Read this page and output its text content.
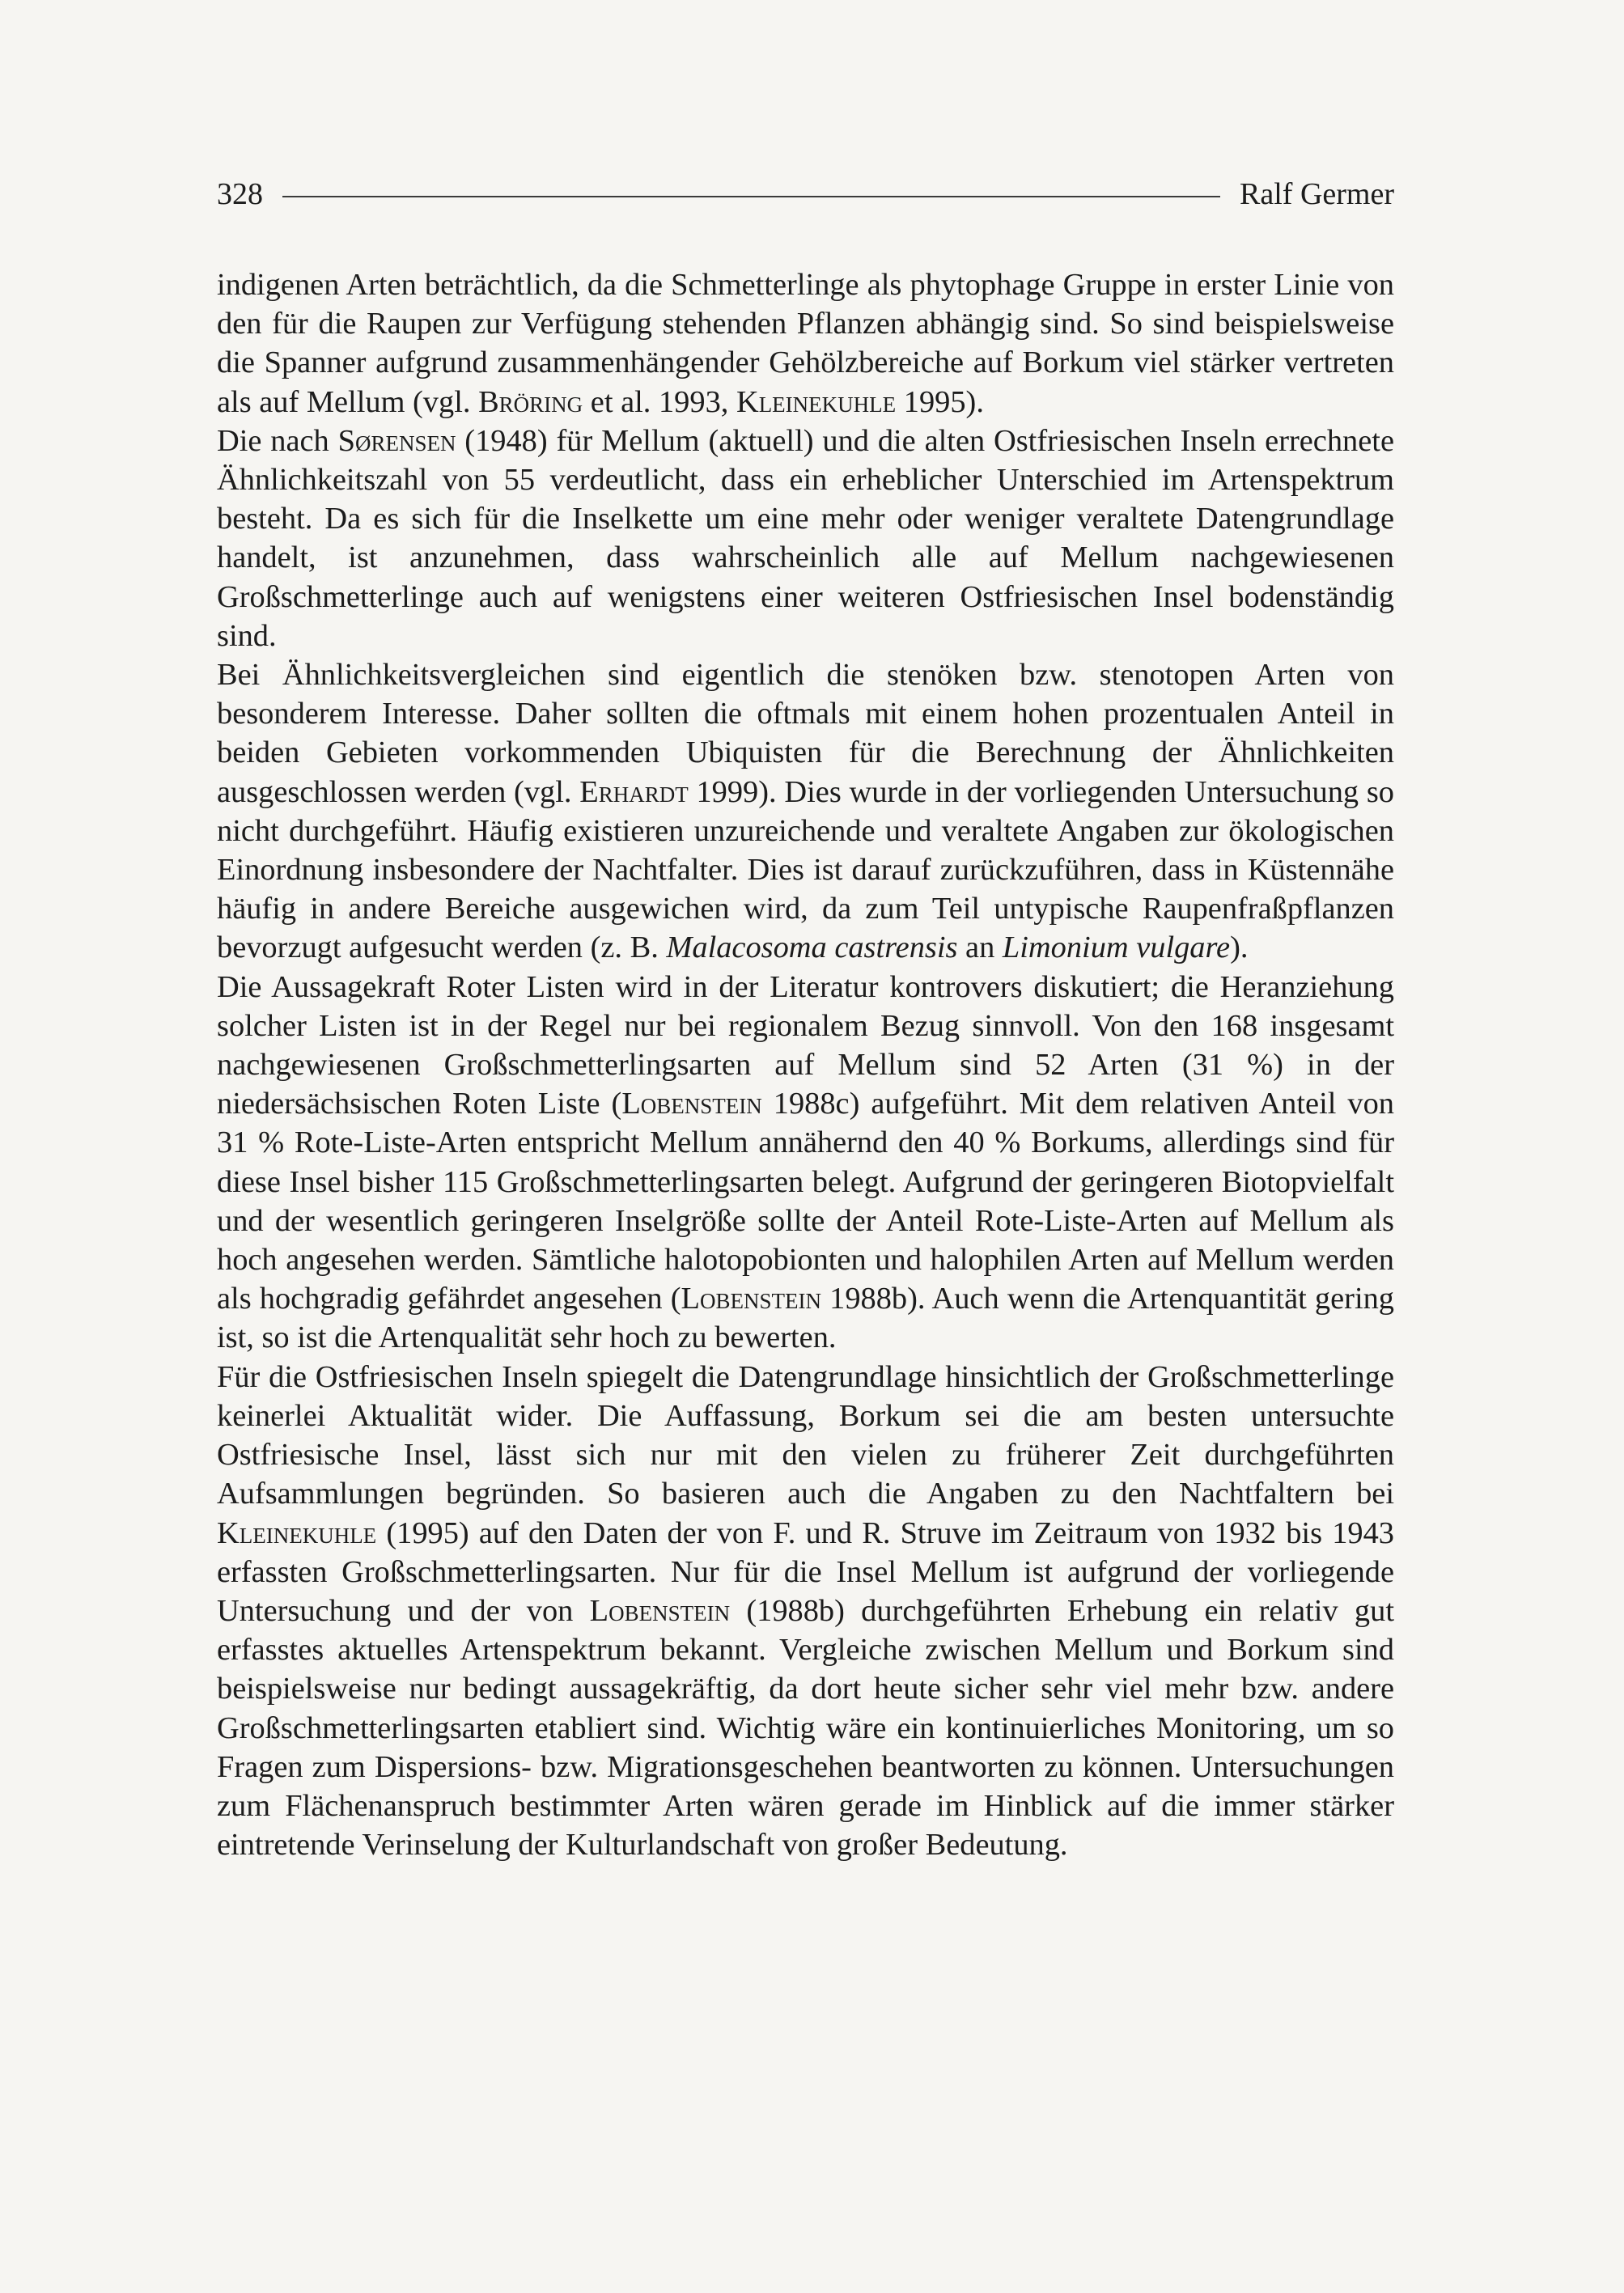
328	Ralf Germer

indigenen Arten beträchtlich, da die Schmetterlinge als phytophage Gruppe in erster Linie von den für die Raupen zur Verfügung stehenden Pflanzen abhängig sind. So sind beispielsweise die Spanner aufgrund zusammenhängender Gehölzbereiche auf Borkum viel stärker vertreten als auf Mellum (vgl. Bröring et al. 1993, Kleinekuhle 1995).

Die nach Sørensen (1948) für Mellum (aktuell) und die alten Ostfriesischen Inseln errechnete Ähnlichkeitszahl von 55 verdeutlicht, dass ein erheblicher Unterschied im Artenspektrum besteht. Da es sich für die Inselkette um eine mehr oder weniger veraltete Datengrundlage handelt, ist anzunehmen, dass wahrscheinlich alle auf Mellum nachgewiesenen Großschmetterlinge auch auf wenigstens einer weiteren Ostfriesischen Insel bodenständig sind.

Bei Ähnlichkeitsvergleichen sind eigentlich die stenöken bzw. stenotopen Arten von besonderem Interesse. Daher sollten die oftmals mit einem hohen prozentualen Anteil in beiden Gebieten vorkommenden Ubiquisten für die Berechnung der Ähnlichkeiten ausgeschlossen werden (vgl. Erhardt 1999). Dies wurde in der vorliegenden Untersuchung so nicht durchgeführt. Häufig existieren unzureichende und veraltete Angaben zur ökologischen Einordnung insbesondere der Nachtfalter. Dies ist darauf zurückzuführen, dass in Küstennähe häufig in andere Bereiche ausgewichen wird, da zum Teil untypische Raupenfraßpflanzen bevorzugt aufgesucht werden (z. B. Malacosoma castrensis an Limonium vulgare).

Die Aussagekraft Roter Listen wird in der Literatur kontrovers diskutiert; die Heranziehung solcher Listen ist in der Regel nur bei regionalem Bezug sinnvoll. Von den 168 insgesamt nachgewiesenen Großschmetterlingsarten auf Mellum sind 52 Arten (31 %) in der niedersächsischen Roten Liste (Lobenstein 1988c) aufgeführt. Mit dem relativen Anteil von 31 % Rote-Liste-Arten entspricht Mellum annähernd den 40 % Borkums, allerdings sind für diese Insel bisher 115 Großschmetterlingsarten belegt. Aufgrund der geringeren Biotopvielfalt und der wesentlich geringeren Inselgröße sollte der Anteil Rote-Liste-Arten auf Mellum als hoch angesehen werden. Sämtliche halotopobionten und halophilen Arten auf Mellum werden als hochgradig gefährdet angesehen (Lobenstein 1988b). Auch wenn die Artenquantität gering ist, so ist die Artenqualität sehr hoch zu bewerten.

Für die Ostfriesischen Inseln spiegelt die Datengrundlage hinsichtlich der Großschmetterlinge keinerlei Aktualität wider. Die Auffassung, Borkum sei die am besten untersuchte Ostfriesische Insel, lässt sich nur mit den vielen zu früherer Zeit durchgeführten Aufsammlungen begründen. So basieren auch die Angaben zu den Nachtfaltern bei Kleinekuhle (1995) auf den Daten der von F. und R. Struve im Zeitraum von 1932 bis 1943 erfassten Großschmetterlingsarten. Nur für die Insel Mellum ist aufgrund der vorliegende Untersuchung und der von Lobenstein (1988b) durchgeführten Erhebung ein relativ gut erfasstes aktuelles Artenspektrum bekannt. Vergleiche zwischen Mellum und Borkum sind beispielsweise nur bedingt aussagekräftig, da dort heute sicher sehr viel mehr bzw. andere Großschmetterlingsarten etabliert sind. Wichtig wäre ein kontinuierliches Monitoring, um so Fragen zum Dispersions- bzw. Migrationsgeschehen beantworten zu können. Untersuchungen zum Flächenanspruch bestimmter Arten wären gerade im Hinblick auf die immer stärker eintretende Verinselung der Kulturlandschaft von großer Bedeutung.
